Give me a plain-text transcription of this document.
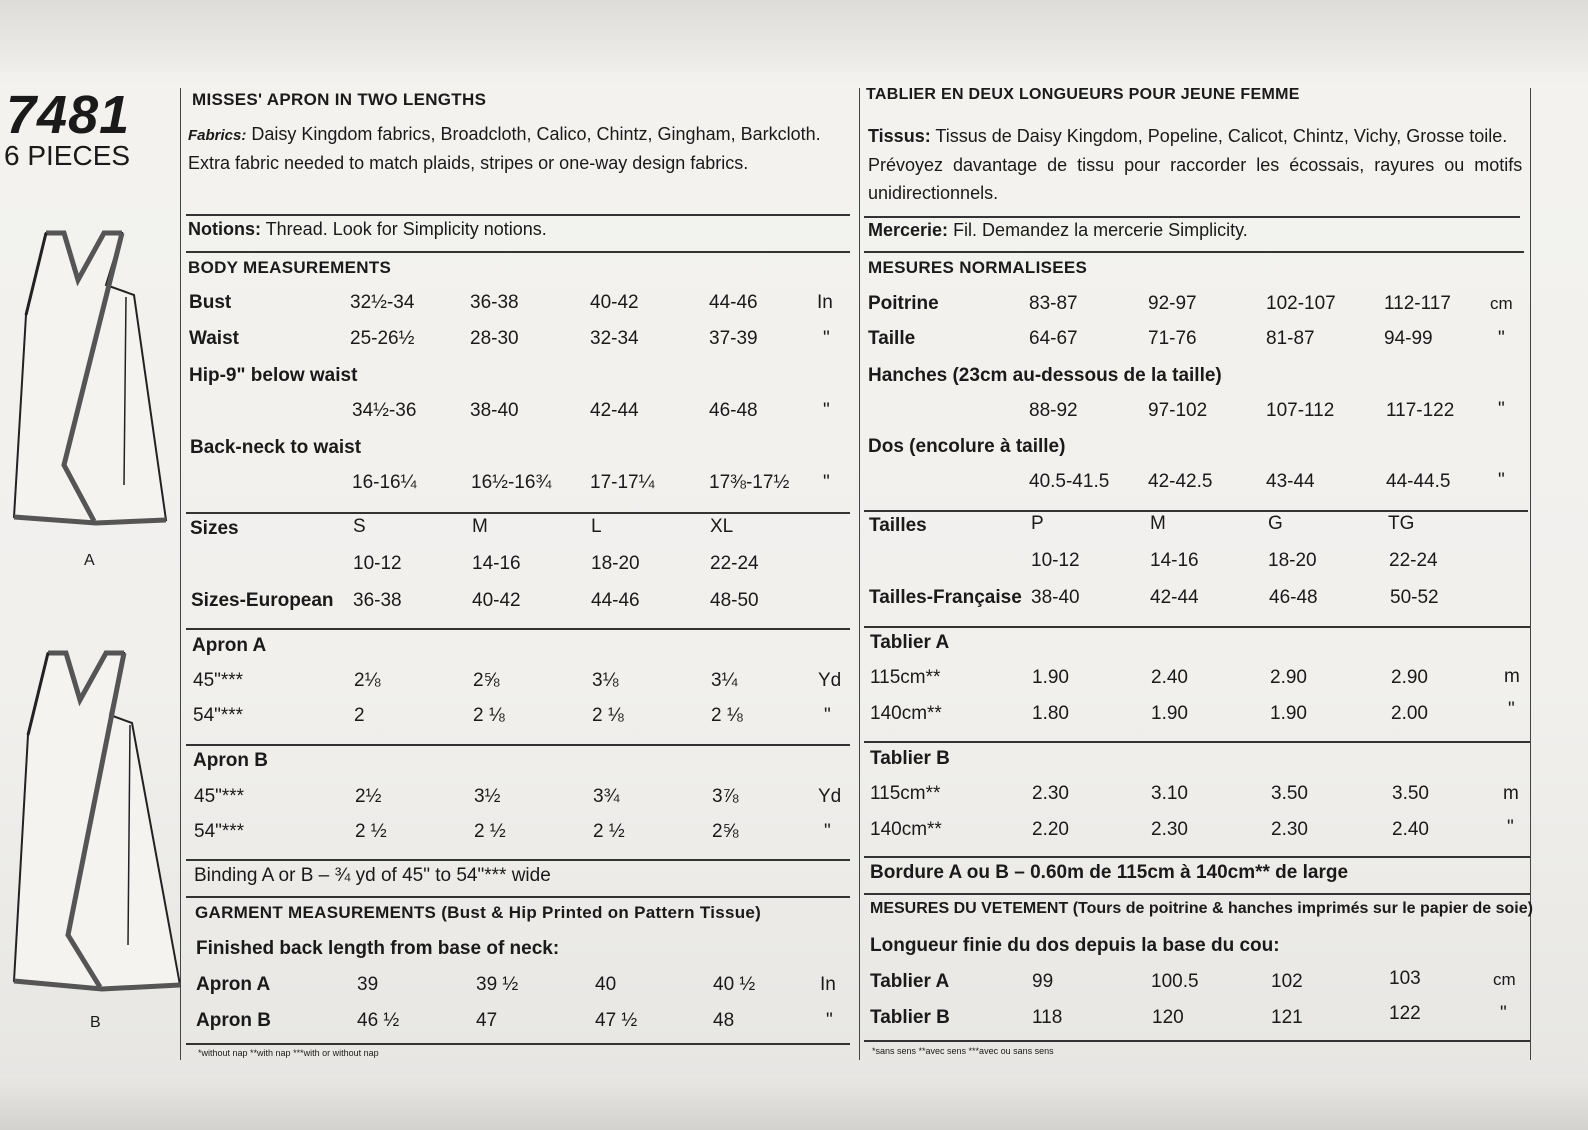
7481
6 PIECES
A
B
MISSES' APRON IN TWO LENGTHS
Fabrics: Daisy Kingdom fabrics, Broadcloth, Calico, Chintz, Gingham, Barkcloth.
Extra fabric needed to match plaids, stripes or one-way design fabrics.
Notions: Thread. Look for Simplicity notions.
BODY MEASUREMENTS
Bust	32½-34	36-38	40-42	44-46	In
Waist	25-26½	28-30	32-34	37-39	"
Hip-9" below waist
34½-36	38-40	42-44	46-48	"
Back-neck to waist
16-16¼	16½-16¾ 17-17¼	17⅜-17½ "
Sizes	S	M	L	XL
10-12	14-16	18-20	22-24
Sizes-European 36-38	40-42	44-46	48-50
Apron A
45"***	2⅛	2⅝	3⅛	3¼	Yd
54"***	2	2 ⅛	2 ⅛	2 ⅛	"
Apron B
45"***	2½	3½	3¾	3⅞	Yd
54"***	2 ½	2 ½	2 ½	2⅝	"
Binding A or B – ¾ yd of 45" to 54"*** wide
GARMENT MEASUREMENTS (Bust & Hip Printed on Pattern Tissue)
Finished back length from base of neck:
Apron A	39	39 ½	40	40 ½	In
Apron B	46 ½	47	47 ½	48	"
*without nap **with nap ***with or without nap
TABLIER EN DEUX LONGUEURS POUR JEUNE FEMME
Tissus: Tissus de Daisy Kingdom, Popeline, Calicot, Chintz, Vichy, Grosse toile.
Prévoyez davantage de tissu pour raccorder les écossais, rayures ou motifs
unidirectionnels.
Mercerie: Fil. Demandez la mercerie Simplicity.
MESURES NORMALISEES
Poitrine	83-87	92-97	102-107	112-117 cm
Taille	64-67	71-76	81-87	94-99	"
Hanches (23cm au-dessous de la taille)
88-92	97-102	107-112	117-122 "
Dos (encolure à taille)
40.5-41.5 42-42.5	43-44	44-44.5	"
Tailles	P	M	G	TG
10-12	14-16	18-20	22-24
Tailles-Française 38-40	42-44	46-48	50-52
Tablier A
115cm**	1.90	2.40	2.90	2.90	m
140cm**	1.80	1.90	1.90	2.00	"
Tablier B
115cm**	2.30	3.10	3.50	3.50	m
140cm**	2.20	2.30	2.30	2.40	"
Bordure A ou B – 0.60m de 115cm à 140cm** de large
MESURES DU VETEMENT (Tours de poitrine & hanches imprimés sur le papier de soie)
Longueur finie du dos depuis la base du cou:
Tablier A	99	100.5	102	103	cm
Tablier B	118	120	121	122	"
*sans sens **avec sens ***avec ou sans sens
